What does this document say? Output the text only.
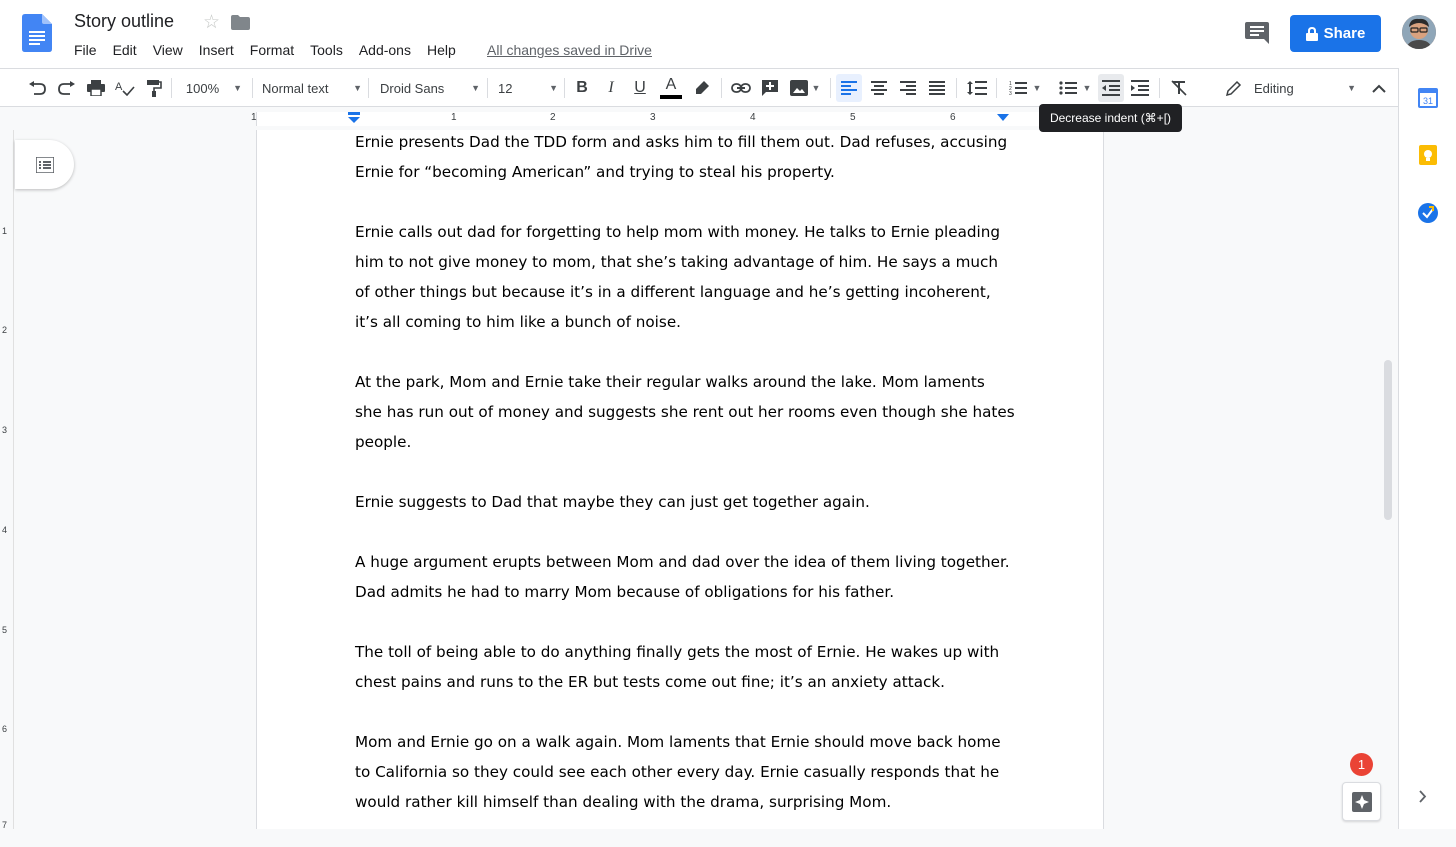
Story outline ☆
File	Edit	View	Insert	Format	Tools	Add-ons	Help	All changes saved in Drive
Share
A	100% ▼ Normal text	▼ Droid Sans	▼ 12	▼	B	I	U	A	▼	1
2
3
▼	▼	Editing	▼
1	1	2	3	4	5	6
1
2
3
4
5
6
7

Ernie presents Dad the TDD form and asks him to fill them out. Dad refuses, accusing Ernie for “becoming American” and trying to steal his property.

Ernie calls out dad for forgetting to help mom with money. He talks to Ernie pleading him to not give money to mom, that she’s taking advantage of him. He says a much of other things but because it’s in a different language and he’s getting incoherent, it’s all coming to him like a bunch of noise.

At the park, Mom and Ernie take their regular walks around the lake. Mom laments she has run out of money and suggests she rent out her rooms even though she hates people.

Ernie suggests to Dad that maybe they can just get together again.

A huge argument erupts between Mom and dad over the idea of them living together. Dad admits he had to marry Mom because of obligations for his father.

The toll of being able to do anything finally gets the most of Ernie. He wakes up with chest pains and runs to the ER but tests come out fine; it’s an anxiety attack.

Mom and Ernie go on a walk again. Mom laments that Ernie should move back home to California so they could see each other every day. Ernie casually responds that he would rather kill himself than dealing with the drama, surprising Mom.

Decrease indent (⌘+[)
31
1
